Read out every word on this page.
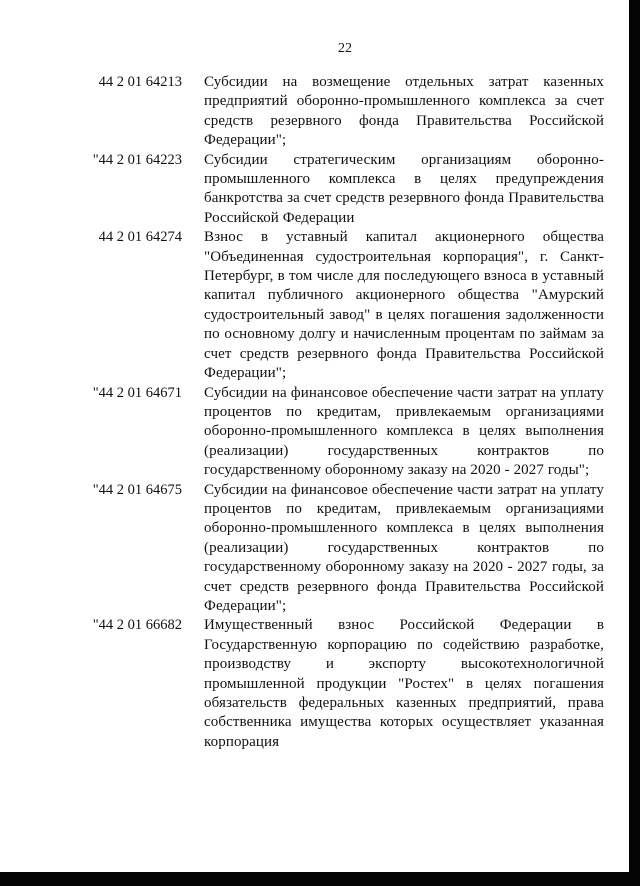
22
44 2 01 64213 Субсидии на возмещение отдельных затрат казенных предприятий оборонно-промышленного комплекса за счет средств резервного фонда Правительства Российской Федерации";
"44 2 01 64223 Субсидии стратегическим организациям оборонно-промышленного комплекса в целях предупреждения банкротства за счет средств резервного фонда Правительства Российской Федерации
44 2 01 64274 Взнос в уставный капитал акционерного общества "Объединенная судостроительная корпорация", г. Санкт-Петербург, в том числе для последующего взноса в уставный капитал публичного акционерного общества "Амурский судостроительный завод" в целях погашения задолженности по основному долгу и начисленным процентам по займам за счет средств резервного фонда Правительства Российской Федерации";
"44 2 01 64671 Субсидии на финансовое обеспечение части затрат на уплату процентов по кредитам, привлекаемым организациями оборонно-промышленного комплекса в целях выполнения (реализации) государственных контрактов по государственному оборонному заказу на 2020 - 2027 годы";
"44 2 01 64675 Субсидии на финансовое обеспечение части затрат на уплату процентов по кредитам, привлекаемым организациями оборонно-промышленного комплекса в целях выполнения (реализации) государственных контрактов по государственному оборонному заказу на 2020 - 2027 годы, за счет средств резервного фонда Правительства Российской Федерации";
"44 2 01 66682 Имущественный взнос Российской Федерации в Государственную корпорацию по содействию разработке, производству и экспорту высокотехнологичной промышленной продукции "Ростех" в целях погашения обязательств федеральных казенных предприятий, права собственника имущества которых осуществляет указанная корпорация
